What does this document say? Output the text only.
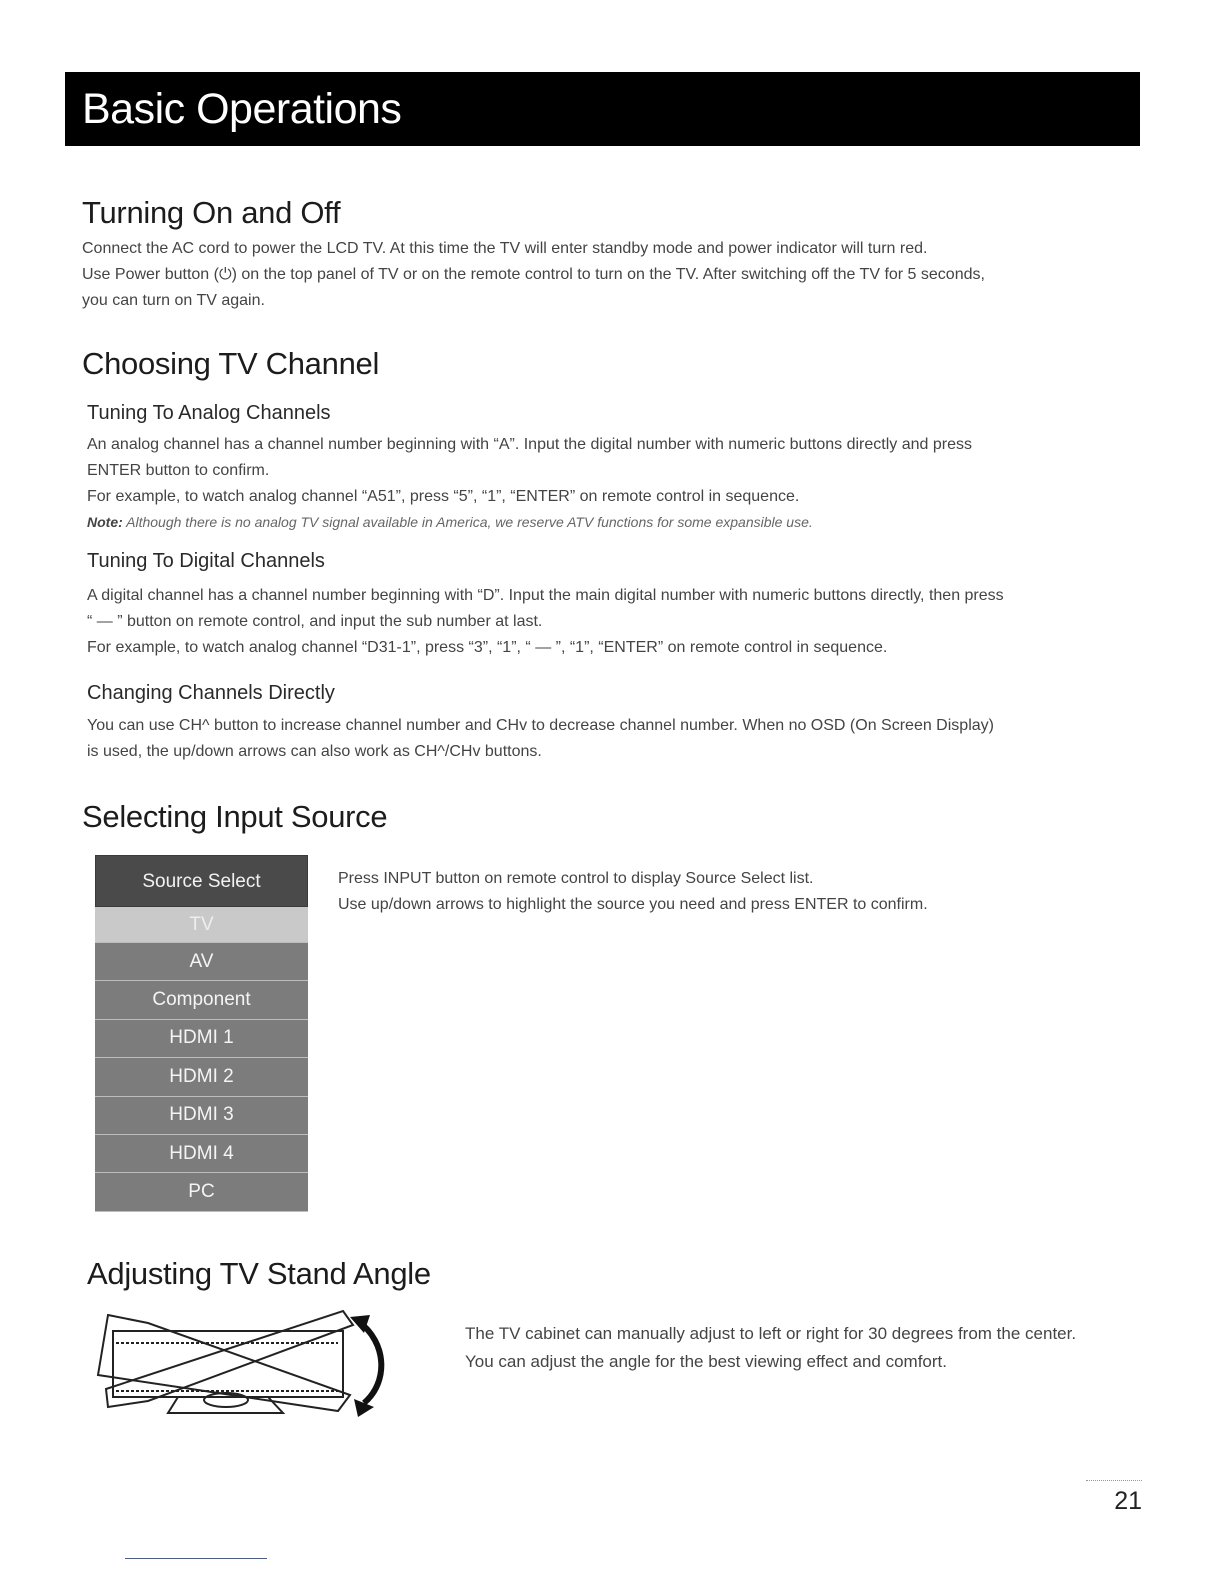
Basic Operations
Turning On and Off
Connect the AC cord to power the LCD TV. At this time the TV will enter standby mode and power indicator will turn red.
Use Power button (⏻) on the top panel of TV or on the remote control to turn on the TV. After switching off the TV for 5 seconds,
you can turn on TV again.
Choosing TV Channel
Tuning To Analog Channels
An analog channel has a channel number beginning with “A”. Input the digital number with numeric buttons directly and press
ENTER button to confirm.
For example, to watch analog channel “A51”, press “5”, “1”, “ENTER” on remote control in sequence.
Note: Although there is no analog TV signal available in America, we reserve ATV functions for some expansible use.
Tuning To Digital Channels
A digital channel has a channel number beginning with “D”. Input the main digital number with numeric buttons directly, then press
“ — ” button on remote control, and input the sub number at last.
For example, to watch analog channel “D31-1”, press “3”, “1”, “ — ”, “1”, “ENTER” on remote control in sequence.
Changing Channels Directly
You can use CH^ button to increase channel number and CHv to decrease channel number. When no OSD (On Screen Display)
is used, the up/down arrows can also work as CH^/CHv buttons.
Selecting Input Source
Source Select
TV
AV
Component
HDMI 1
HDMI 2
HDMI 3
HDMI 4
PC
Press INPUT button on remote control to display Source Select list.
Use up/down arrows to highlight the source you need and press ENTER to confirm.
Adjusting TV Stand Angle
The TV cabinet can manually adjust to left or right for 30 degrees from the center.
You can adjust the angle for the best viewing effect and comfort.
21
